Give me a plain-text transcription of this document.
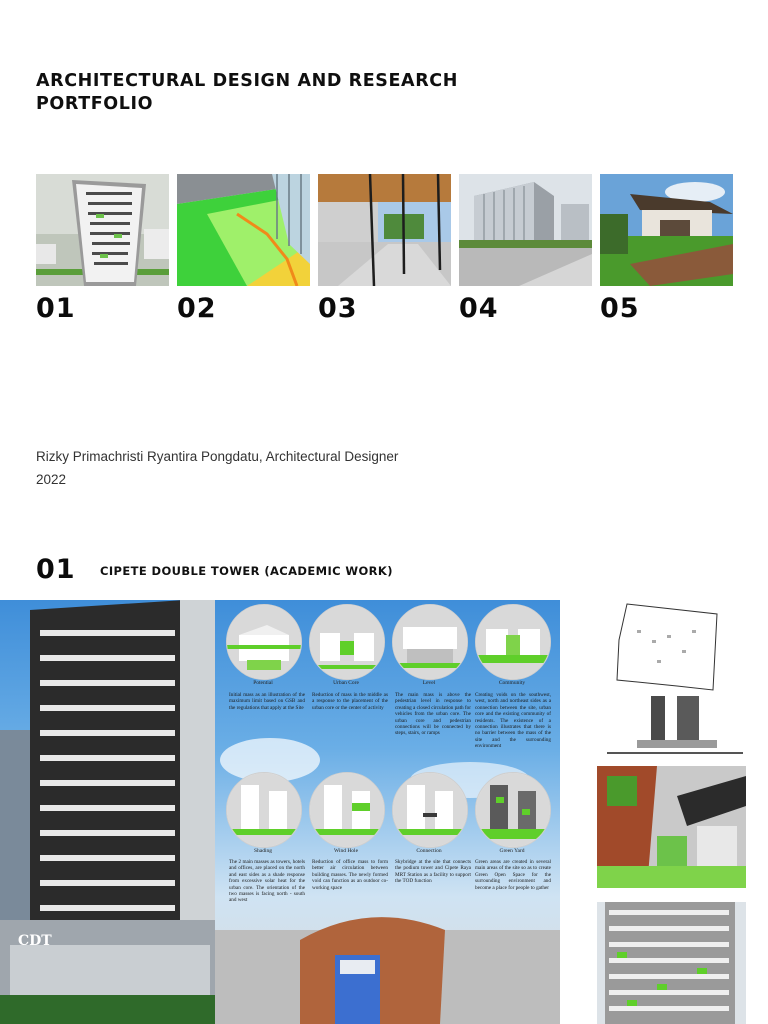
ARCHITECTURAL DESIGN AND RESEARCH
PORTFOLIO
01	02	03	04	05
Rizky Primachristi Ryantira Pongdatu, Architectural Designer
2022
01 CIPETE DOUBLE TOWER (ACADEMIC WORK)
CDT
Potential	Urban Core	Level	Community
Initial mass as an illustration of the maximum limit based on GSB and the regulations that apply at the Site
Reduction of mass in the middle as a response to the placement of the urban core or the center of activity
The main mass is above the pedestrian level in response to creating a closed circulation path for vehicles from the urban core. The urban core and pedestrian connections will be connected by steps, stairs, or ramps
Creating voids on the southwest, west, north and northeast sides as a connection between the site, urban core and the existing community of residents. The existence of a connection illustrates that there is no barrier between the mass of the site and the surrounding environment
Shading	Wind Hole	Connection	Green Yard
The 2 main masses as towers, hotels and offices, are placed on the north and east sides as a shade response from excessive solar heat for the urban core. The orientation of the two masses is facing north - south and west
Reduction of office mass to form better air circulation between building masses. The newly formed void can function as an outdoor co-working space
Skybridge at the site that connects the podium tower and Cipete Raya MRT Station as a facility to support the TOD function
Green areas are created in several main areas of the site so as to create Green Open Space for the surrounding environment and become a place for people to gather
